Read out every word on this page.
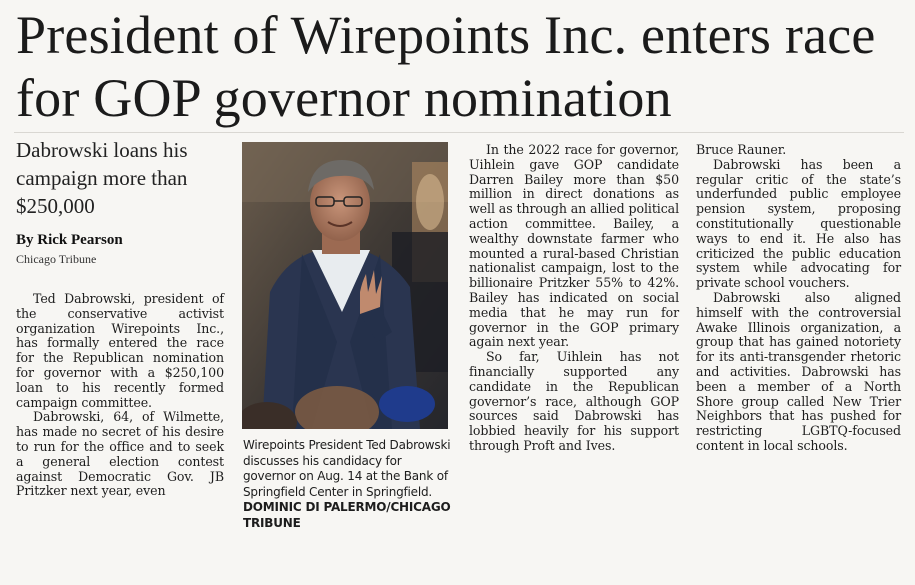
President of Wirepoints Inc. enters race for GOP governor nomination

Dabrowski loans his campaign more than $250,000

By Rick Pearson
Chicago Tribune

Ted Dabrowski, president of the conservative activist organization Wirepoints Inc., has formally entered the race for the Republican nomination for governor with a $250,100 loan to his recently formed campaign committee.

Dabrowski, 64, of Wilmette, has made no secret of his desire to run for the office and to seek a general election contest against Democratic Gov. JB Pritzker next year, even

Wirepoints President Ted Dabrowski discusses his candidacy for governor on Aug. 14 at the Bank of Springfield Center in Springfield. DOMINIC DI PALERMO/CHICAGO TRIBUNE

In the 2022 race for governor, Uihlein gave GOP candidate Darren Bailey more than $50 million in direct donations as well as through an allied political action committee. Bailey, a wealthy downstate farmer who mounted a rural-based Christian nationalist campaign, lost to the billionaire Pritzker 55% to 42%. Bailey has indicated on social media that he may run for governor in the GOP primary again next year.

So far, Uihlein has not financially supported any candidate in the Republican governor’s race, although GOP sources said Dabrowski has lobbied heavily for his support through Proft and Ives.

Bruce Rauner.

Dabrowski has been a regular critic of the state’s underfunded public employee pension system, proposing constitutionally questionable ways to end it. He also has criticized the public education system while advocating for private school vouchers.

Dabrowski also aligned himself with the controversial Awake Illinois organization, a group that has gained notoriety for its anti-transgender rhetoric and activities. Dabrowski has been a member of a North Shore group called New Trier Neighbors that has pushed for restricting LGBTQ-focused content in local schools.
